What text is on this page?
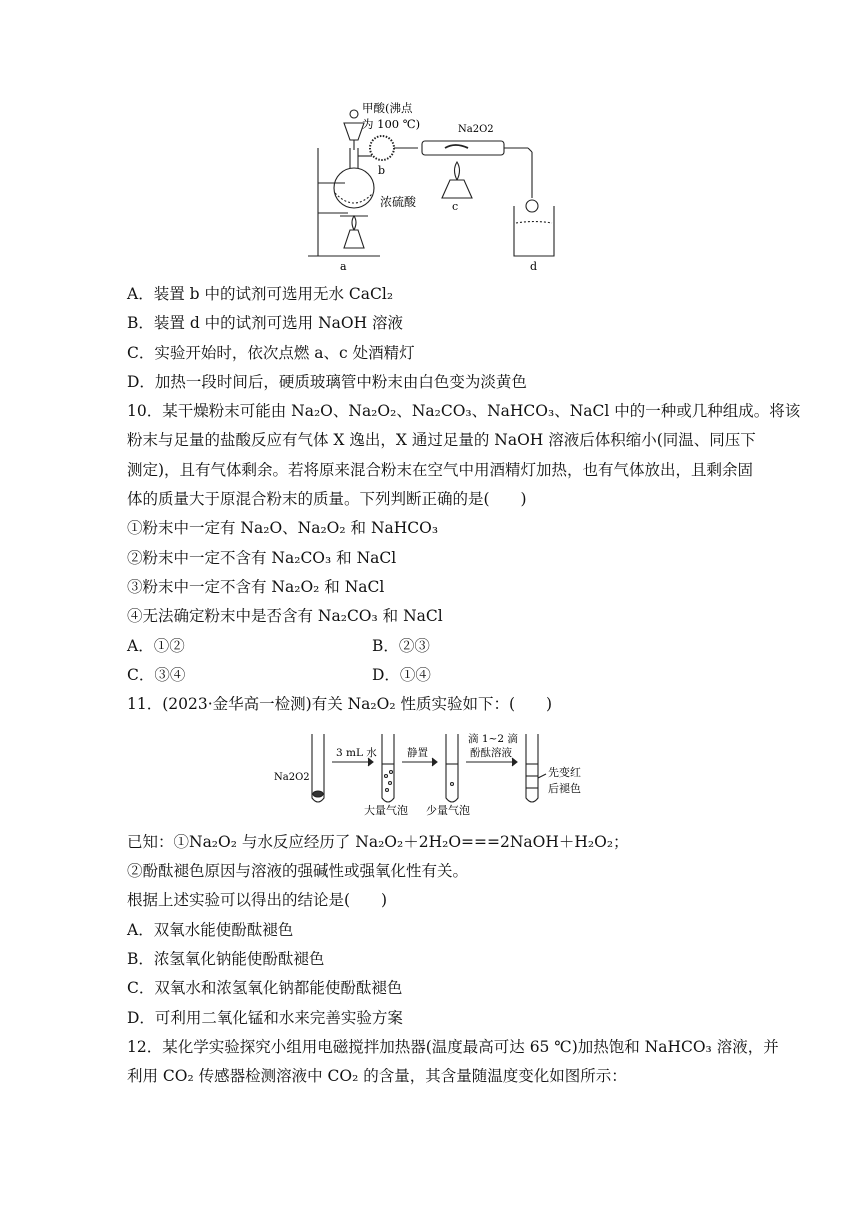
甲酸(沸点
为 100 ℃)	Na2O2
浓硫酸
a
b
c
d
A．装置 b 中的试剂可选用无水 CaCl₂
B．装置 d 中的试剂可选用 NaOH 溶液
C．实验开始时，依次点燃 a、c 处酒精灯
D．加热一段时间后，硬质玻璃管中粉末由白色变为淡黄色
10．某干燥粉末可能由 Na₂O、Na₂O₂、Na₂CO₃、NaHCO₃、NaCl 中的一种或几种组成。将该
粉末与足量的盐酸反应有气体 X 逸出，X 通过足量的 NaOH 溶液后体积缩小(同温、同压下
测定)，且有气体剩余。若将原来混合粉末在空气中用酒精灯加热，也有气体放出，且剩余固
体的质量大于原混合粉末的质量。下列判断正确的是(　　)
①粉末中一定有 Na₂O、Na₂O₂ 和 NaHCO₃
②粉末中一定不含有 Na₂CO₃ 和 NaCl
③粉末中一定不含有 Na₂O₂ 和 NaCl
④无法确定粉末中是否含有 Na₂CO₃ 和 NaCl
A．①②	B．②③
C．③④	D．①④
11．(2023·金华高一检测)有关 Na₂O₂ 性质实验如下：(　　)
Na2O2
3 mL 水	静置
滴 1~2 滴
酚酞溶液
大量气泡 少量气泡
先变红
后褪色
已知：①Na₂O₂ 与水反应经历了 Na₂O₂＋2H₂O===2NaOH＋H₂O₂；
②酚酞褪色原因与溶液的强碱性或强氧化性有关。
根据上述实验可以得出的结论是(　　)
A．双氧水能使酚酞褪色
B．浓氢氧化钠能使酚酞褪色
C．双氧水和浓氢氧化钠都能使酚酞褪色
D．可利用二氧化锰和水来完善实验方案
12．某化学实验探究小组用电磁搅拌加热器(温度最高可达 65 ℃)加热饱和 NaHCO₃ 溶液，并
利用 CO₂ 传感器检测溶液中 CO₂ 的含量，其含量随温度变化如图所示：
